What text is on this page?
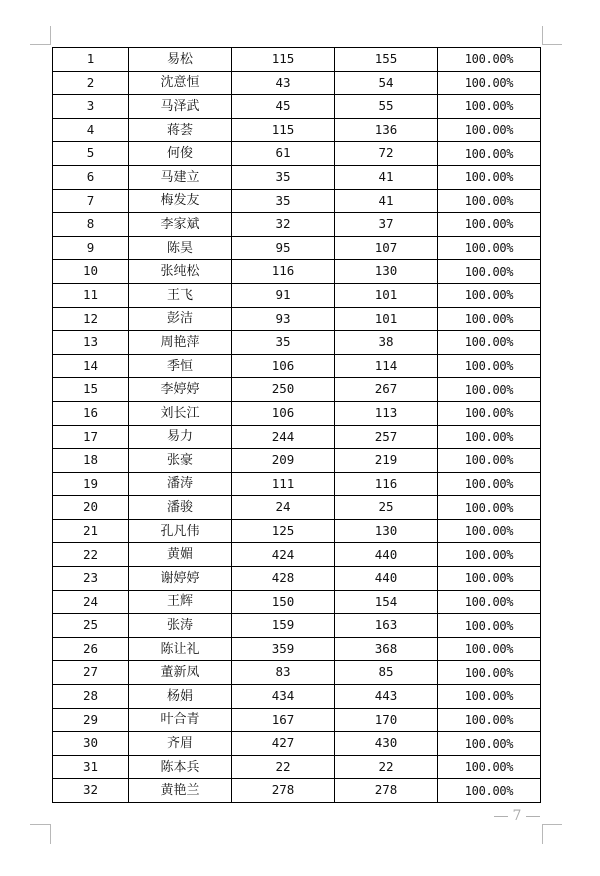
1	易松	115	155	100.00%
2	沈意恒	43	54	100.00%
3	马泽武	45	55	100.00%
4	蒋荟	115	136	100.00%
5	何俊	61	72	100.00%
6	马建立	35	41	100.00%
7	梅发友	35	41	100.00%
8	李家斌	32	37	100.00%
9	陈昊	95	107	100.00%
10	张纯松	116	130	100.00%
11	王飞	91	101	100.00%
12	彭洁	93	101	100.00%
13	周艳萍	35	38	100.00%
14	季恒	106	114	100.00%
15	李婷婷	250	267	100.00%
16	刘长江	106	113	100.00%
17	易力	244	257	100.00%
18	张豪	209	219	100.00%
19	潘涛	111	116	100.00%
20	潘骏	24	25	100.00%
21	孔凡伟	125	130	100.00%
22	黄媚	424	440	100.00%
23	谢婷婷	428	440	100.00%
24	王辉	150	154	100.00%
25	张涛	159	163	100.00%
26	陈让礼	359	368	100.00%
27	董新凤	83	85	100.00%
28	杨娟	434	443	100.00%
29	叶合青	167	170	100.00%
30	齐眉	427	430	100.00%
31	陈本兵	22	22	100.00%
32	黄艳兰	278	278	100.00%
7
